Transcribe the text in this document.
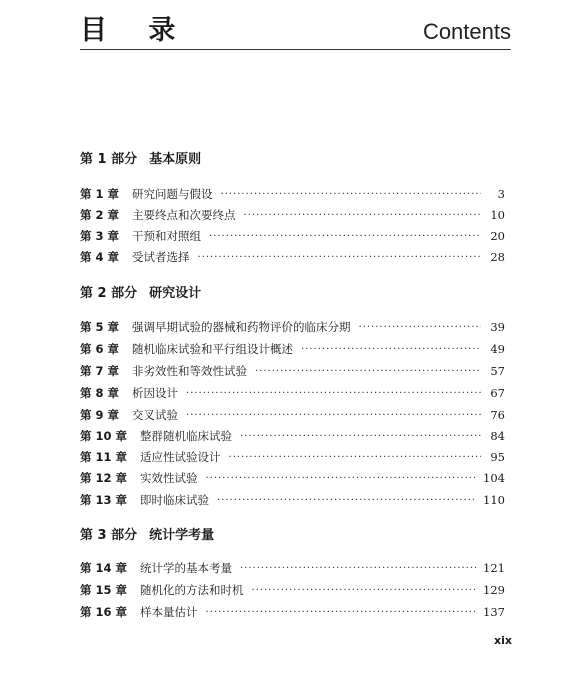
目 录	Contents
第 1 部分 基本原则
第 1 章 研究问题与假设 ·····	3
第 2 章 主要终点和次要终点 ·····	10
第 3 章 干预和对照组 ·····	20
第 4 章 受试者选择 ·····	28
第 2 部分 研究设计
第 5 章 强调早期试验的器械和药物评价的临床分期 ·····	39
第 6 章 随机临床试验和平行组设计概述 ·····	49
第 7 章 非劣效性和等效性试验 ·····	57
第 8 章 析因设计 ·····	67
第 9 章 交叉试验 ·····	76
第 10 章 整群随机临床试验 ·····	84
第 11 章 适应性试验设计 ·····	95
第 12 章 实效性试验 ·····	104
第 13 章 即时临床试验 ·····	110
第 3 部分 统计学考量
第 14 章 统计学的基本考量 ·····	121
第 15 章 随机化的方法和时机 ·····	129
第 16 章 样本量估计 ·····	137
xix
